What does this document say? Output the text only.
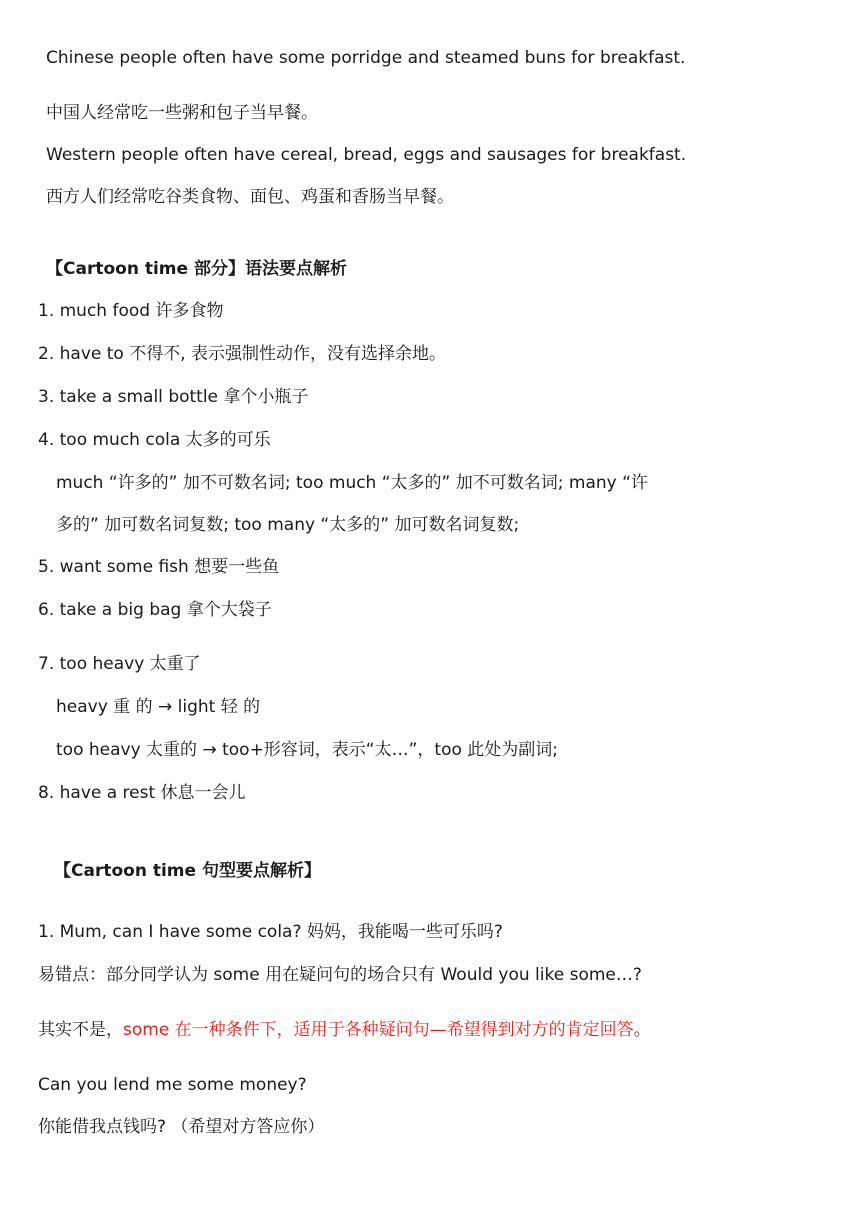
Chinese people often have some porridge and steamed buns for breakfast.
中国人经常吃一些粥和包子当早餐。
Western people often have cereal, bread, eggs and sausages for breakfast.
西方人们经常吃谷类食物、面包、鸡蛋和香肠当早餐。
【Cartoon time 部分】语法要点解析
1. much food 许多食物
2. have to 不得不, 表示强制性动作，没有选择余地。
3. take a small bottle 拿个小瓶子
4. too much cola 太多的可乐
much “许多的” 加不可数名词; too much “太多的” 加不可数名词; many “许
多的” 加可数名词复数; too many “太多的” 加可数名词复数;
5. want some fish 想要一些鱼
6. take a big bag 拿个大袋子
7. too heavy 太重了
heavy 重 的 → light 轻 的
too heavy 太重的 → too+形容词，表示“太…”，too 此处为副词;
8. have a rest 休息一会儿
【Cartoon time 句型要点解析】
1. Mum, can I have some cola? 妈妈，我能喝一些可乐吗?
易错点：部分同学认为 some 用在疑问句的场合只有 Would you like some…?
其实不是，some 在一种条件下，适用于各种疑问句—希望得到对方的肯定回答。
Can you lend me some money?
你能借我点钱吗? （希望对方答应你）
